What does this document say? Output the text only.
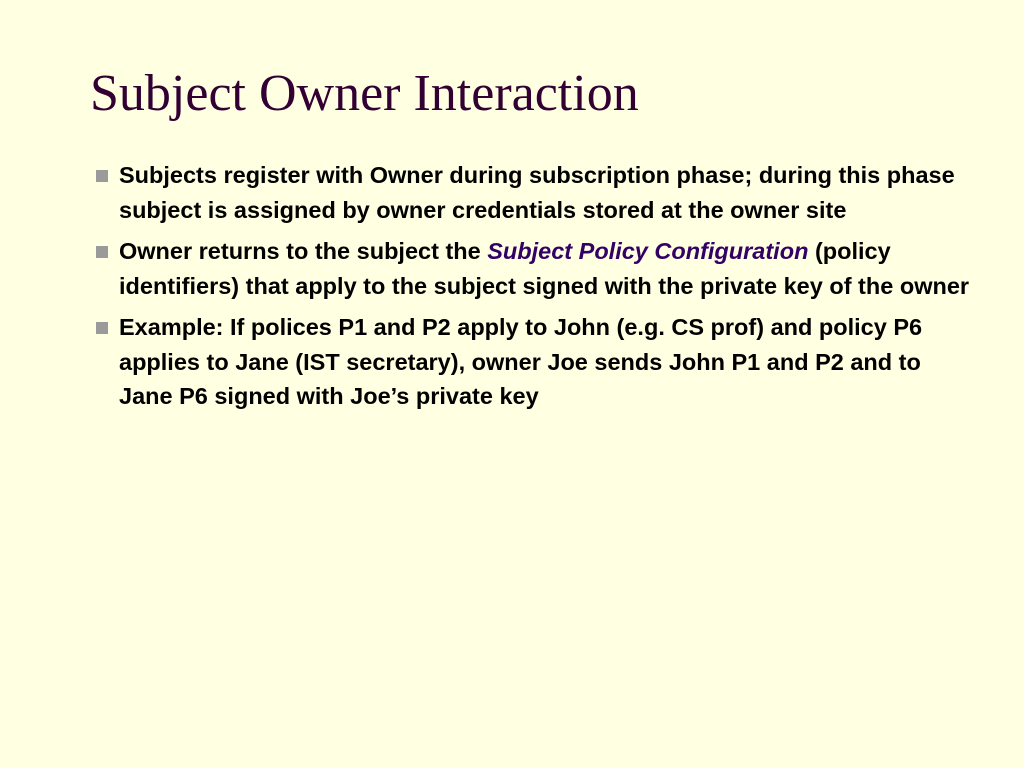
Subject Owner Interaction
Subjects register with Owner during subscription phase; during this phase subject is assigned by owner credentials stored at the owner site
Owner returns to the subject the Subject Policy Configuration (policy identifiers) that apply to the subject signed with the private key of the owner
Example: If polices P1 and P2 apply to John (e.g. CS prof) and policy P6 applies to Jane (IST secretary), owner Joe sends John P1 and P2 and to Jane P6 signed with Joe’s private key
